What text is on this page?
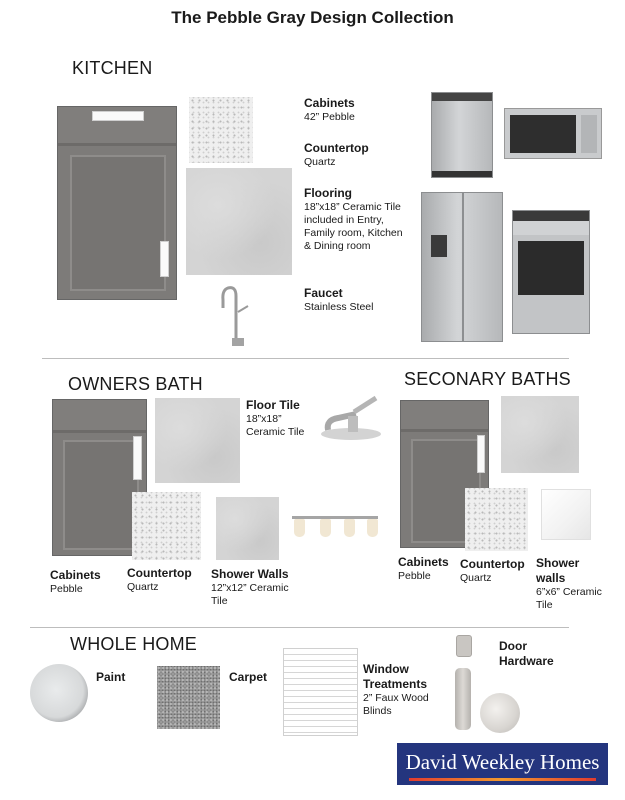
The Pebble Gray Design Collection
KITCHEN
Cabinets
42” Pebble
Countertop
Quartz
Flooring
18”x18” Ceramic Tile included in Entry, Family room, Kitchen & Dining room
Faucet
Stainless Steel
OWNERS BATH
Floor Tile
18”x18” Ceramic Tile
Cabinets
Pebble
Countertop
Quartz
Shower Walls
12”x12” Ceramic Tile
SECONARY BATHS
Cabinets
Pebble
Countertop
Quartz
Shower walls
6”x6” Ceramic Tile
WHOLE HOME
Paint	Carpet
Window Treatments
2” Faux Wood Blinds
Door Hardware
David Weekley Homes
